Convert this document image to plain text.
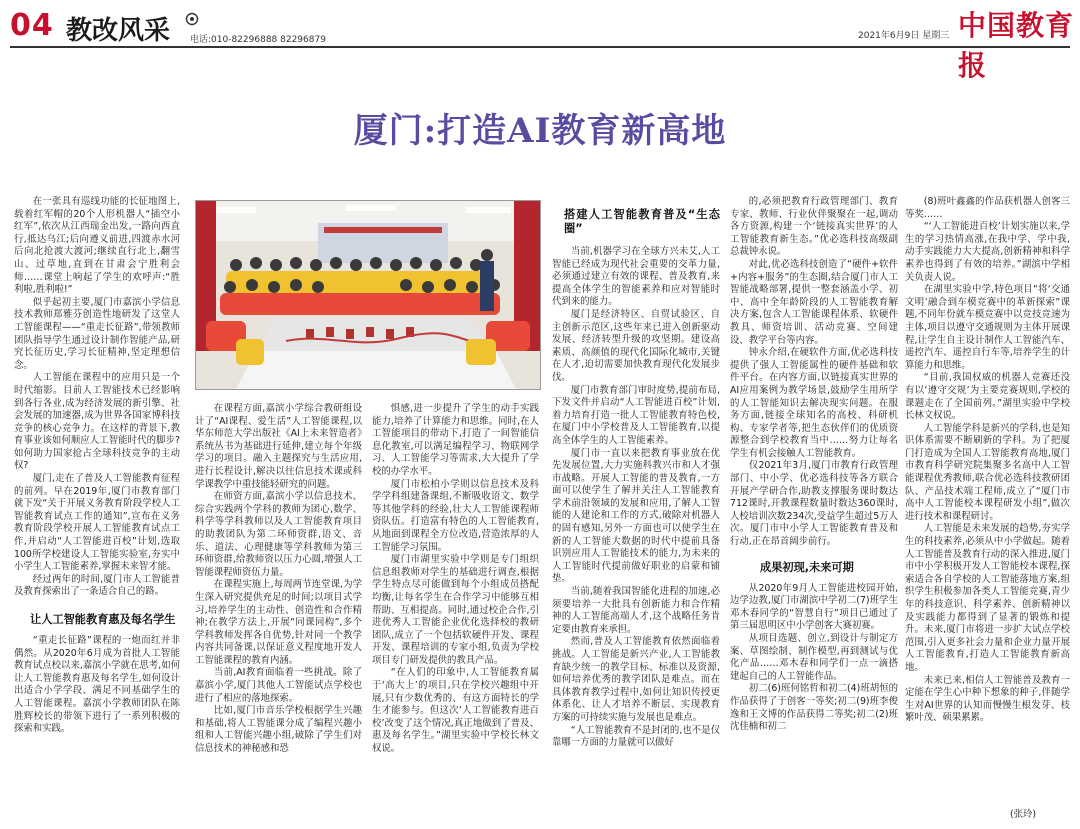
04 教改风采 电话:010-82296888 82296879	2021年6月9日 星期三 中国教育报
厦门:打造AI教育新高地

在一张具有巡线功能的长征地图上,载着红军帽的20个人形机器人“插空小红军”,依次从江西瑞金出发,一路向西直行,抵达乌江;后向遵义前进,四渡赤水河后向北抢渡大渡河;继续直行北上,翻雪山、过草地,直到在甘肃会宁胜利会师……课堂上响起了学生的欢呼声:“胜利啦,胜利啦!”

似乎起初主要,厦门市嘉滨小学信息技术教师郑雅芬创造性地研发了这堂人工智能课程——“重走长征路”,带领教师团队指导学生通过设计制作智能产品,研究长征历史,学习长征精神,坚定理想信念。

人工智能在课程中的应用只是一个时代缩影。目前人工智能技术已经影响到各行各业,成为经济发展的新引擎、社会发展的加速器,成为世界各国家博科技竞争的核心竞争力。在这样的背景下,教育事业该如何顺应人工智能时代的脚步?如何助力国家抢占全球科技竞争的主动权?

厦门,走在了普及人工智能教育征程的前列。早在2019年,厦门市教育部门就下发“关于开展义务教育阶段学校人工智能教育试点工作的通知”,宣布在义务教育阶段学校开展人工智能教育试点工作,并启动“人工智能进百校”计划,选取100所学校建设人工智能实验室,夯实中小学生人工智能素养,掌握未来智才能。

经过两年的时间,厦门市人工智能普及教育探索出了一条适合自己的路。

让人工智能教育惠及每名学生

“重走长征路”课程的一炮而红并非偶然。从2020年6月成为首批人工智能教育试点校以来,嘉滨小学就在思考,如何让人工智能教育惠及每名学生,如何设计出适合小学学段、满足不同基础学生的人工智能课程。嘉滨小学教师团队在陈胜辉校长的带领下进行了一系列积极的探索和实践。

在课程方面,嘉滨小学综合教研组设计了“AI课程、爱生活”人工智能课程,以华东师范大学出版社《AI上未来智造者》系统丛书为基础进行延伸,建立每个年级学习的项目。融入主题探究与生活应用,进行长程设计,解决以往信息技术课或科学课教学中重技能轻研究的问题。

在师资方面,嘉滨小学以信息技术、综合实践两个学科的教师为团心,数学、科学等学科教师以及人工智能教育项目的助教团队为第二环师资群,语文、音乐、道法、心理健康等学科教师为第三环师资群,给教师资以压力心圆,增强人工智能课程师资伍力量。

在课程实施上,每周两节连堂课,为学生深入研究提供充足的时间;以项目式学习,培养学生的主动性、创造性和合作精神;在教学方法上,开展“同课同构”,多个学科教师发挥各自优势,针对同一个教学内容共同备课,以保证意义程度地开发人工智能课程的教育内涵。

当前,AI教育面临着一些挑战。除了嘉滨小学,厦门其他人工智能试点学校也进行了相应的落地探索。

比如,厦门市音乐学校根据学生兴趣和基础,将人工智能课分成了编程兴趣小组和人工智能兴趣小组,破除了学生们对信息技术的神秘感和恐

惧感,进一步提升了学生的动手实践能力,培养了计算能力和思维。同时,在人工智能项目的带动下,打造了一间智能信息化教室,可以满足编程学习、物联网学习、人工智能学习等需求,大大提升了学校的办学水平。

厦门市松柏小学则以信息技术及科学学科组建备课组,不断吸收语文、数学等其他学科的经验,壮大人工智能课程师资队伍。打造富有特色的人工智能教育,从地面到课程全方位改造,营造浓厚的人工智能学习氛围。

厦门市湖里实验中学则是专门组织信息组教师对学生的基础进行调查,根据学生特点尽可能做到每个小组成员搭配均衡,让每名学生在合作学习中能够互相帮助、互相提高。同时,通过校企合作,引进优秀人工智能企业优化选择校的教研团队,成立了一个包括软硬件开发、课程开发、课程培训的专家小组,负责为学校项目专门研发提供的教具产品。

“在人们的印象中,人工智能教育属于‘高大上’的项目,只在学校兴趣组中开展,只有少数优秀的、有这方面特长的学生才能参与。但这次‘人工智能教育进百校’改变了这个情况,真正地做到了普及、惠及每名学生。”湖里实验中学校长林文权说。

搭建人工智能教育普及“生态圈”

当前,机器学习在全球方兴未艾,人工智能已经成为现代社会重要的交革力量,必须通过建立有效的课程、普及教育,来提高全体学生的智能素养和应对智能时代到来的能力。

厦门是经济特区、自贸试验区、自主创新示范区,这些年来已进入创新驱动发展、经济转型升级的攻坚期。建设高素质、高颜值的现代化国际化城市,关键在人才,迫切需要加快教育现代化发展步伐。

厦门市教育部门审时度势,提前布局,下发文件并启动“人工智能进百校”计划,着力培育打造一批人工智能教育特色校,在厦门中小学校普及人工智能教育,以提高全体学生的人工智能素养。

厦门市一直以来把教育事业放在优先发展位置,大力实施科教兴市和人才强市战略。开展人工智能的普及教育,一方面可以使学生了解并关注人工智能教育学术前沿领域的发展和应用,了解人工智能的人建论和工作的方式,破除对机器人的固有感知,另外一方面也可以使学生在新的人工智能大数据的时代中提前具备识别应用人工智能技术的能力,为未来的人工智能时代提前做好职业的启蒙和铺垫。

当前,随着我国智能化进程的加速,必须要培养一大批具有创新能力和合作精神的人工智能高端人才,这个战略任务肯定要由教育来承担。

然而,普及人工智能教育依然面临着挑战。人工智能是新兴产业,人工智能教育缺少统一的教学目标、标准以及资源,如何培养优秀的教学团队是难点。而在具体教育教学过程中,如何让知识传授更体系化、让人才培养不断层、实现教育方案的可持续实施与发展也是难点。

“人工智能教育不是封闭的,也不是仅靠哪一方面的力量就可以做好

的,必须把教育行政管理部门、教育专家、教师、行业伙伴聚聚在一起,调动各方资源,构建一个‘链接真实世界’的人工智能教育新生态。”优必选科技高级副总裁钟永说。

对此,优必选科技创造了“硬件+软件+内容+服务”的生态圈,结合厦门市人工智能战略部署,提供一整套涵盖小学、初中、高中全年龄阶段的人工智能教育解决方案,包含人工智能课程体系、软硬件教具、师资培训、活动竞赛、空间建设、教学平台等内容。

钟永介绍,在硬软件方面,优必选科技提供了强人工智能属性的硬件基础和软件平台。在内容方面,以链接真实世界的AI应用案例为教学场景,鼓励学生用所学的人工智能知识去解决现实问题。在服务方面,链接全球知名的高校、科研机构、专家学者等,把生态伙伴们的优质资源整合到学校教育当中……努力让每名学生有机会接触人工智能教育。

仅2021年3月,厦门市教育行政管理部门、中小学、优必选科技等各方联合开展产学研合作,助教支撑服务课时数达712课时,开教课程数量时数达360课时,人校培训次数234次,受益学生超过5万人次。厦门市中小学人工智能教育普及和行动,正在昂首阔步前行。

成果初现,未来可期

从2020年9月人工智能进校园开始,边学边教,厦门市湖滨中学初二(7)班学生邓木春同学的“智慧自行”项目已通过了第三届思明区中小学创客大赛初赛。

从项目选题、创立,到设计与制定方案、草图绘制、制作模型,再到测试与优化产品……邓木春和同学们一点一滴搭建起自己的人工智能作品。

初二(6)班何铭哲和初二(4)班胡恒的作品获得了于创客一等奖;初二(9)班李俊逸和王文博的作品获得二等奖;初二(2)班沈佳楠和初二

(8)班叶鑫鑫的作品获机器人创客三等奖……

“‘人工智能进百校’计划实施以来,学生的学习热情高涨,在我中学、学中我,动手实践能力大大提高,创新精神和科学素养也得到了有效的培养。”湖滨中学相关负责人说。

在湖里实验中学,特色项目“将‘交通文明’融合到车模竞赛中的革新探索”课题,不同年份就车模竞赛中以竞技竞速为主体,项目以遵守交通规则为主体开展课程,让学生自主设计制作人工智能汽车、遥控汽车、遥控自行车等,培养学生的计算能力和思维。

“目前,我国权威的机器人竞赛还没有以‘遵守交规’为主要竞赛规则,学校的课题走在了全国前列。”湖里实验中学校长林文权说。

人工智能学科是新兴的学科,也是知识体系需要不断刷新的学科。为了把厦门打造成为全国人工智能教育高地,厦门市教育科学研究院集聚多名高中人工智能课程优秀教师,联合优必选科技教研团队、产品技术端工程师,成立了“厦门市高中人工智能校本课程研发小组”,做次进行技术和课程研讨。

人工智能是未来发展的趋势,夯实学生的科技素养,必须从中小学做起。随着人工智能普及教育行动的深入推进,厦门市中小学积极开发人工智能校本课程,探索适合各自学校的人工智能落地方案,组织学生积极参加各类人工智能竞赛,青少年的科技意识、科学素养、创新精神以及实践能力都得到了显著的锻炼和提升。未来,厦门市将进一步扩大试点学校范围,引入更多社会力量和企业力量开展人工智能教育,打造人工智能教育新高地。

未来已来,相信人工智能普及教育一定能在学生心中种下想象的种子,伴随学生对AI世界的认知而慢慢生根发芽、枝繁叶茂、硕果累累。

(张玲)
